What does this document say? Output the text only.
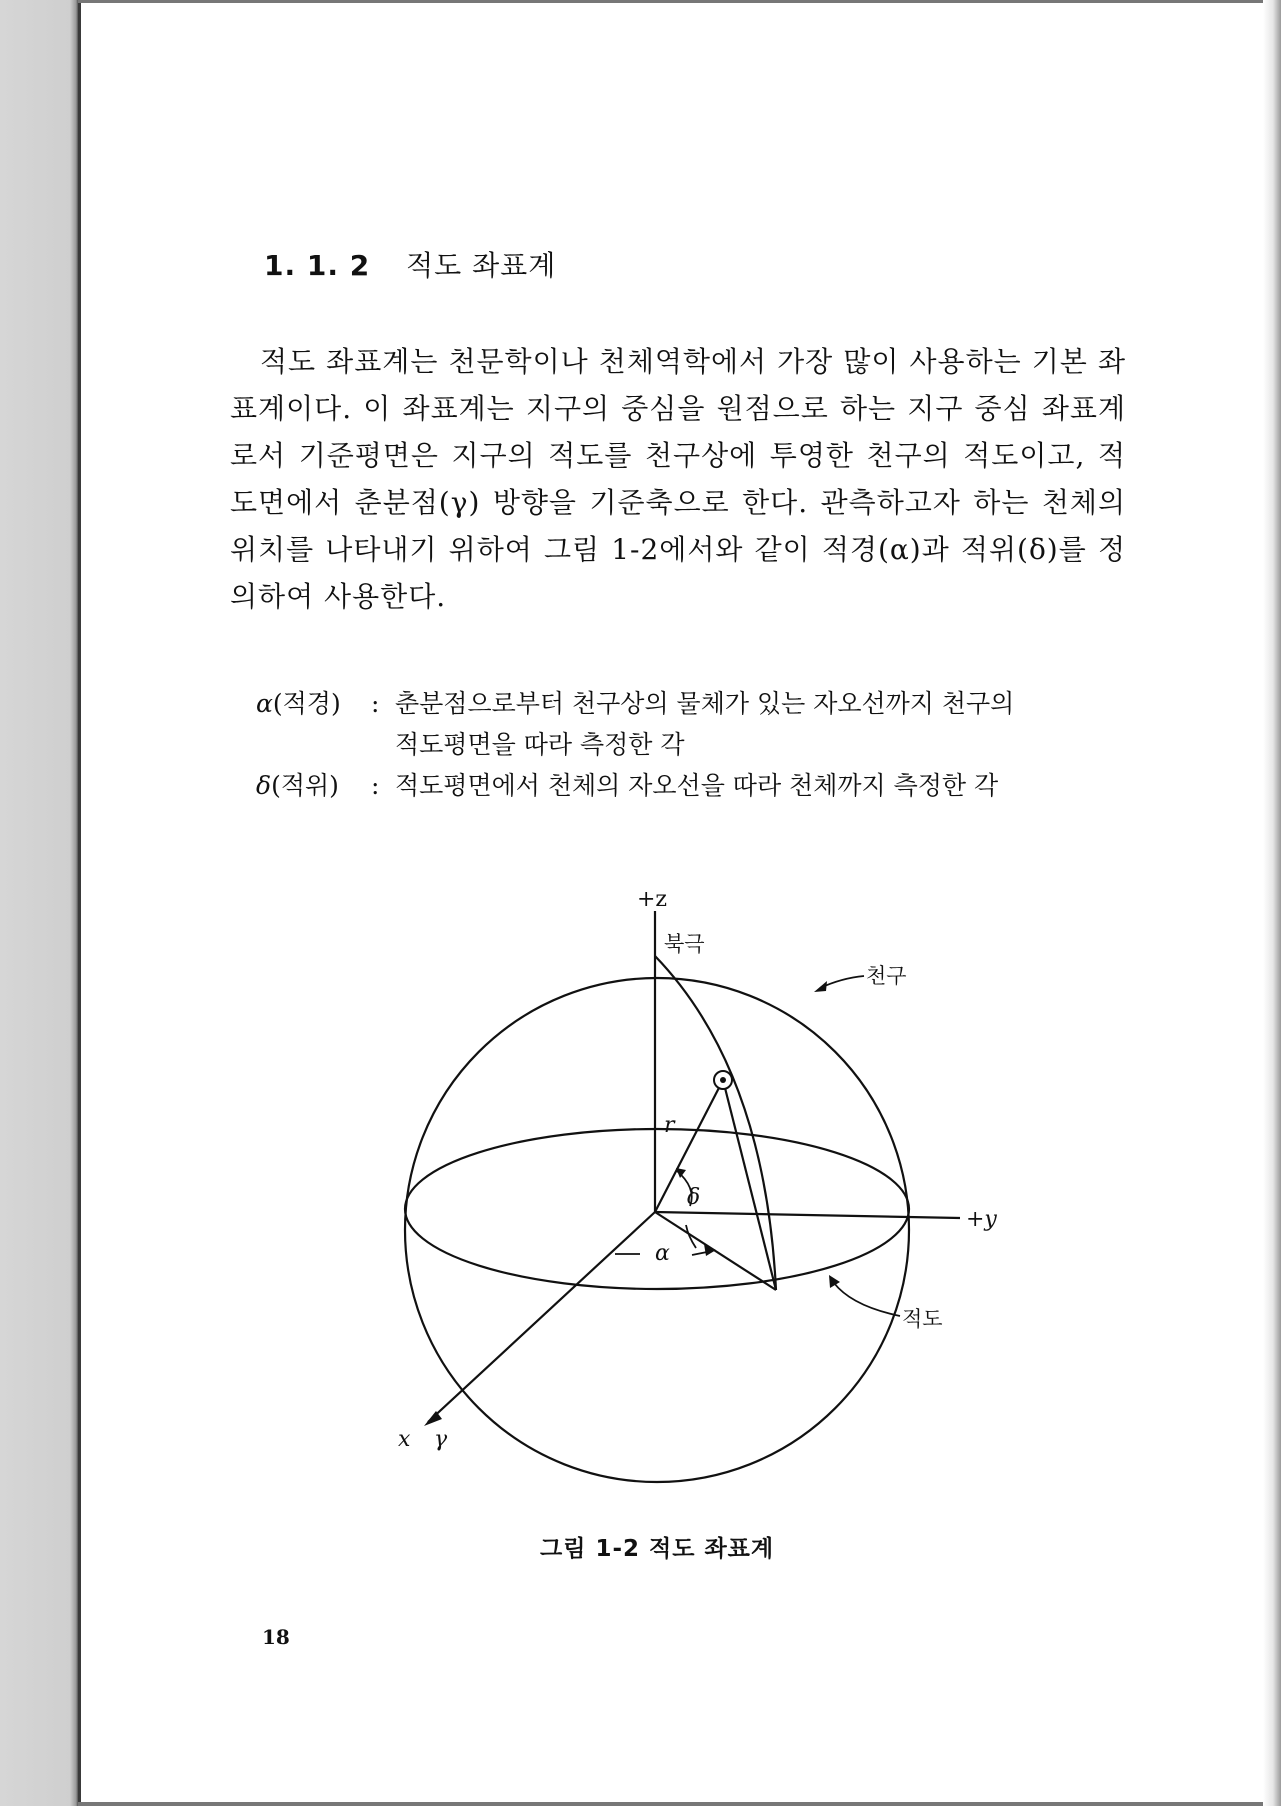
1. 1. 2 적도 좌표계

적도 좌표계는 천문학이나 천체역학에서 가장 많이 사용하는 기본 좌표계이다. 이 좌표계는 지구의 중심을 원점으로 하는 지구 중심 좌표계로서 기준평면은 지구의 적도를 천구상에 투영한 천구의 적도이고, 적도면에서 춘분점(γ) 방향을 기준축으로 한다. 관측하고자 하는 천체의 위치를 나타내기 위하여 그림 1-2에서와 같이 적경(α)과 적위(δ)를 정의하여 사용한다.

α(적경)	: 춘분점으로부터 천구상의 물체가 있는 자오선까지 천구의
적도평면을 따라 측정한 각
δ(적위)	: 적도평면에서 천체의 자오선을 따라 천체까지 측정한 각
+z
북극
천구
r
δ
α
+y
적도
x γ

그림 1-2 적도 좌표계

18
